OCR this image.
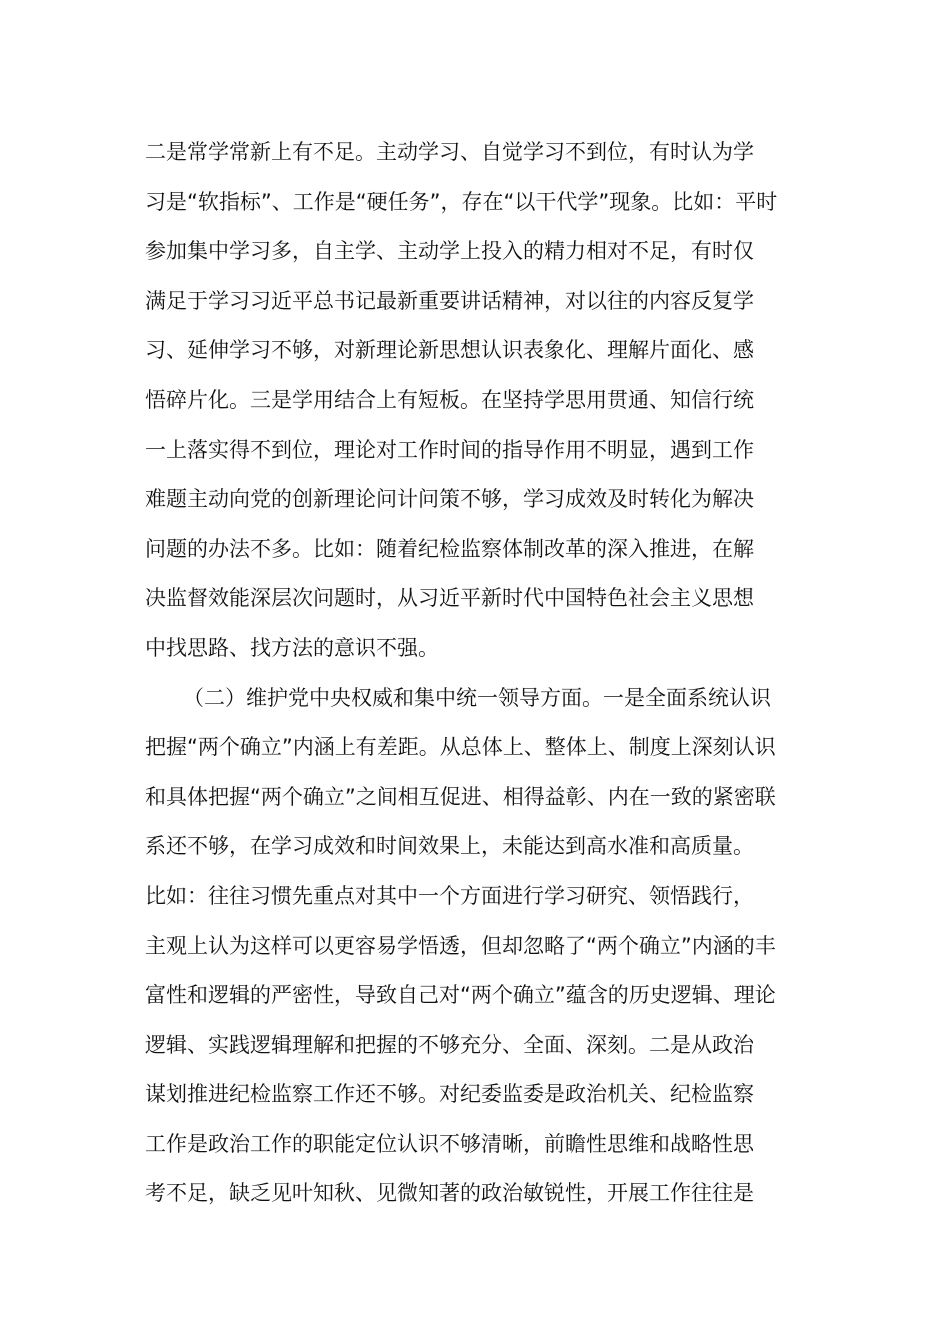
二是常学常新上有不足。主动学习、自觉学习不到位，有时认为学
习是“软指标”、工作是“硬任务”，存在“以干代学”现象。比如：平时
参加集中学习多，自主学、主动学上投入的精力相对不足，有时仅
满足于学习习近平总书记最新重要讲话精神，对以往的内容反复学
习、延伸学习不够，对新理论新思想认识表象化、理解片面化、感
悟碎片化。三是学用结合上有短板。在坚持学思用贯通、知信行统
一上落实得不到位，理论对工作时间的指导作用不明显，遇到工作
难题主动向党的创新理论问计问策不够，学习成效及时转化为解决
问题的办法不多。比如：随着纪检监察体制改革的深入推进，在解
决监督效能深层次问题时，从习近平新时代中国特色社会主义思想
中找思路、找方法的意识不强。
（二）维护党中央权威和集中统一领导方面。一是全面系统认识
把握“两个确立”内涵上有差距。从总体上、整体上、制度上深刻认识
和具体把握“两个确立”之间相互促进、相得益彰、内在一致的紧密联
系还不够，在学习成效和时间效果上，未能达到高水准和高质量。
比如：往往习惯先重点对其中一个方面进行学习研究、领悟践行，
主观上认为这样可以更容易学悟透，但却忽略了“两个确立”内涵的丰
富性和逻辑的严密性，导致自己对“两个确立”蕴含的历史逻辑、理论
逻辑、实践逻辑理解和把握的不够充分、全面、深刻。二是从政治
谋划推进纪检监察工作还不够。对纪委监委是政治机关、纪检监察
工作是政治工作的职能定位认识不够清晰，前瞻性思维和战略性思
考不足，缺乏见叶知秋、见微知著的政治敏锐性，开展工作往往是
